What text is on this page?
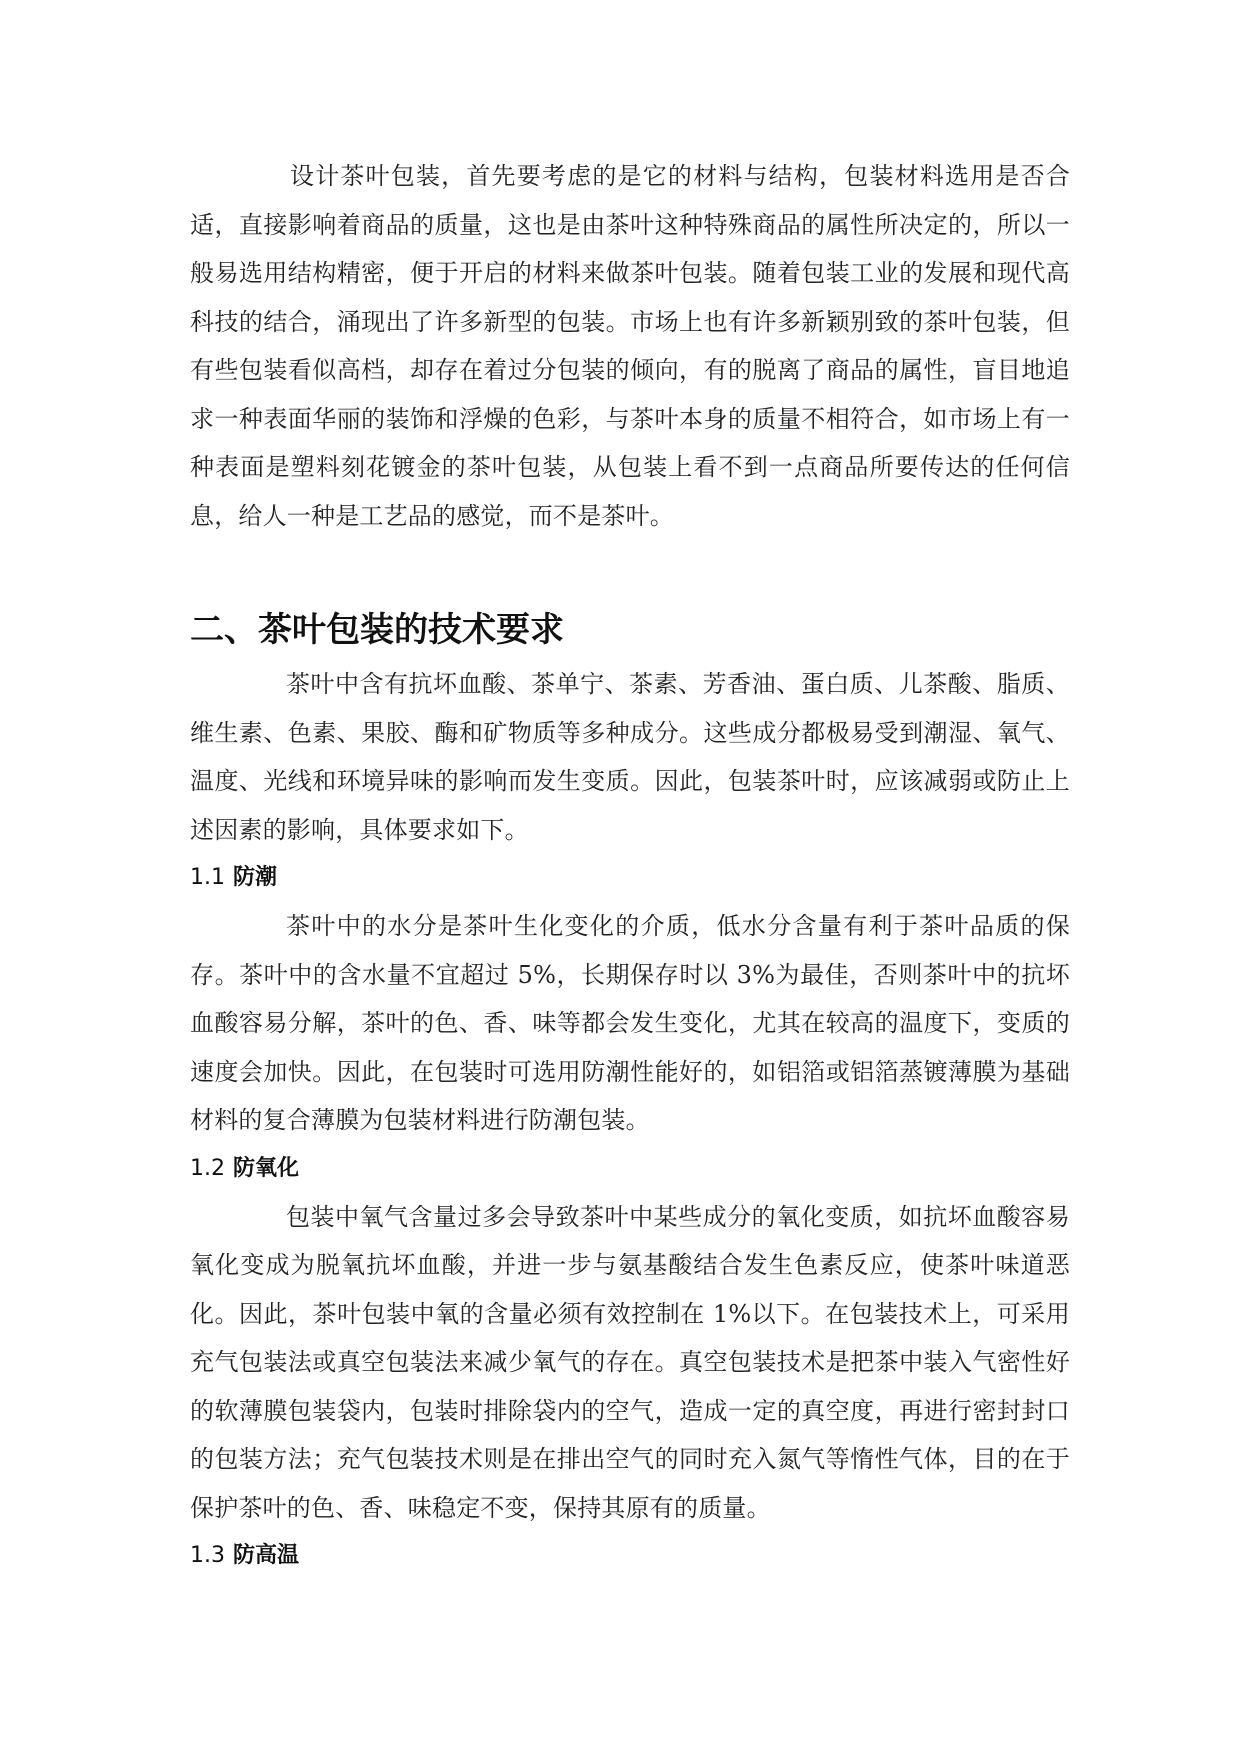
设计茶叶包装，首先要考虑的是它的材料与结构，包装材料选用是否合适，直接影响着商品的质量，这也是由茶叶这种特殊商品的属性所决定的，所以一般易选用结构精密，便于开启的材料来做茶叶包装。随着包装工业的发展和现代高科技的结合，涌现出了许多新型的包装。市场上也有许多新颖别致的茶叶包装，但有些包装看似高档，却存在着过分包装的倾向，有的脱离了商品的属性，盲目地追求一种表面华丽的装饰和浮燥的色彩，与茶叶本身的质量不相符合，如市场上有一种表面是塑料刻花镀金的茶叶包装，从包装上看不到一点商品所要传达的任何信息，给人一种是工艺品的感觉，而不是茶叶。

二、茶叶包装的技术要求

茶叶中含有抗坏血酸、茶单宁、茶素、芳香油、蛋白质、儿茶酸、脂质、维生素、色素、果胶、酶和矿物质等多种成分。这些成分都极易受到潮湿、氧气、温度、光线和环境异味的影响而发生变质。因此，包装茶叶时，应该减弱或防止上述因素的影响，具体要求如下。

1.1 防潮

茶叶中的水分是茶叶生化变化的介质，低水分含量有利于茶叶品质的保存。茶叶中的含水量不宜超过 5%，长期保存时以 3%为最佳，否则茶叶中的抗坏血酸容易分解，茶叶的色、香、味等都会发生变化，尤其在较高的温度下，变质的速度会加快。因此，在包装时可选用防潮性能好的，如铝箔或铝箔蒸镀薄膜为基础材料的复合薄膜为包装材料进行防潮包装。

1.2 防氧化

包装中氧气含量过多会导致茶叶中某些成分的氧化变质，如抗坏血酸容易氧化变成为脱氧抗坏血酸，并进一步与氨基酸结合发生色素反应，使茶叶味道恶化。因此，茶叶包装中氧的含量必须有效控制在 1%以下。在包装技术上，可采用充气包装法或真空包装法来减少氧气的存在。真空包装技术是把茶中装入气密性好的软薄膜包装袋内，包装时排除袋内的空气，造成一定的真空度，再进行密封封口的包装方法；充气包装技术则是在排出空气的同时充入氮气等惰性气体，目的在于保护茶叶的色、香、味稳定不变，保持其原有的质量。

1.3 防高温
